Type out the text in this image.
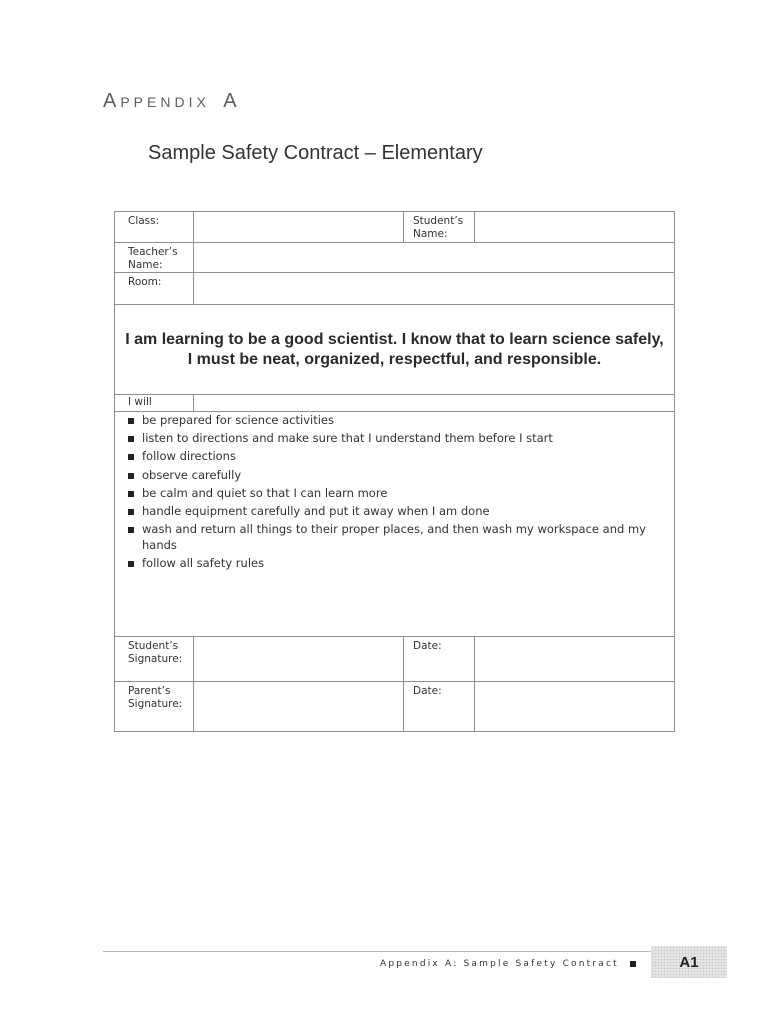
Appendix A
Sample Safety Contract – Elementary
Class:	Student’s Name:
Teacher’s Name:
Room:
I am learning to be a good scientist. I know that to learn science safely,
I must be neat, organized, respectful, and responsible.
I will
be prepared for science activities
listen to directions and make sure that I understand them before I start
follow directions
observe carefully
be calm and quiet so that I can learn more
handle equipment carefully and put it away when I am done
wash and return all things to their proper places, and then wash my workspace and my hands
follow all safety rules
Student’s Signature:
Date:
Parent’s Signature:
Date:
Appendix A: Sample Safety Contract	A1
